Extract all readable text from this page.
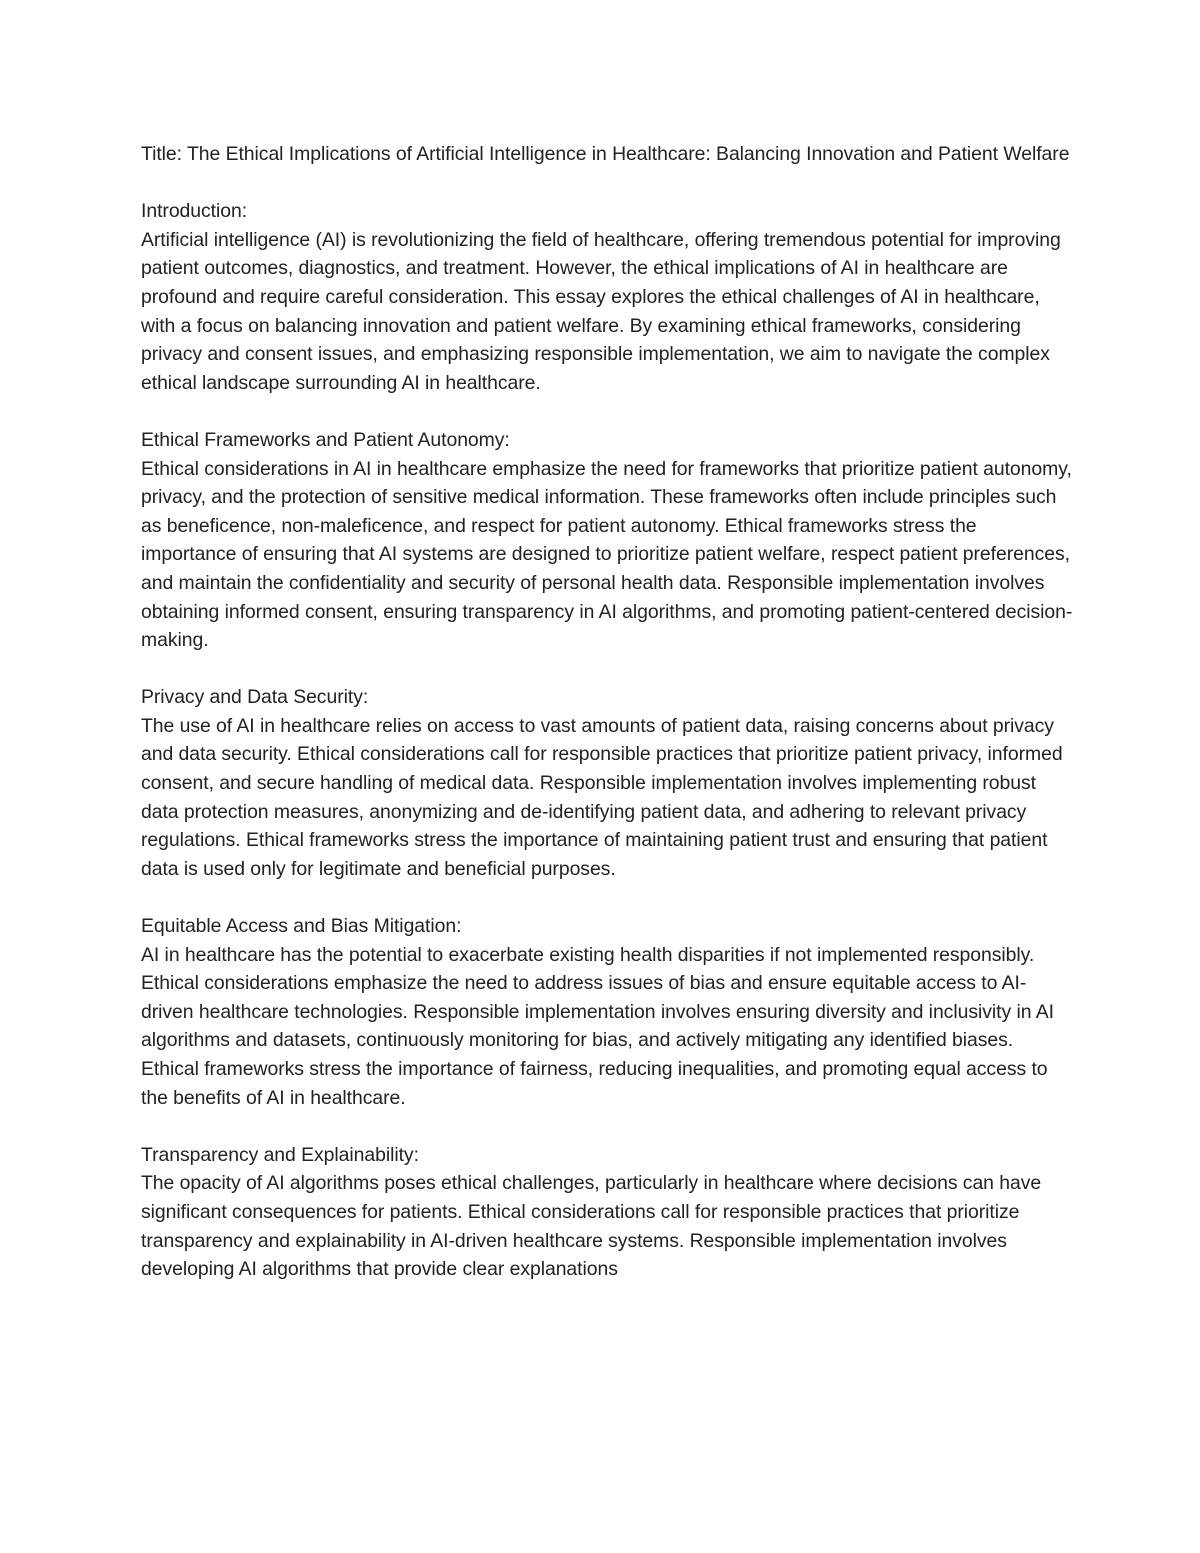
Title: The Ethical Implications of Artificial Intelligence in Healthcare: Balancing Innovation and Patient Welfare

Introduction:

Artificial intelligence (AI) is revolutionizing the field of healthcare, offering tremendous potential for improving patient outcomes, diagnostics, and treatment. However, the ethical implications of AI in healthcare are profound and require careful consideration. This essay explores the ethical challenges of AI in healthcare, with a focus on balancing innovation and patient welfare. By examining ethical frameworks, considering privacy and consent issues, and emphasizing responsible implementation, we aim to navigate the complex ethical landscape surrounding AI in healthcare.

Ethical Frameworks and Patient Autonomy:

Ethical considerations in AI in healthcare emphasize the need for frameworks that prioritize patient autonomy, privacy, and the protection of sensitive medical information. These frameworks often include principles such as beneficence, non-maleficence, and respect for patient autonomy. Ethical frameworks stress the importance of ensuring that AI systems are designed to prioritize patient welfare, respect patient preferences, and maintain the confidentiality and security of personal health data. Responsible implementation involves obtaining informed consent, ensuring transparency in AI algorithms, and promoting patient-centered decision-making.

Privacy and Data Security:

The use of AI in healthcare relies on access to vast amounts of patient data, raising concerns about privacy and data security. Ethical considerations call for responsible practices that prioritize patient privacy, informed consent, and secure handling of medical data. Responsible implementation involves implementing robust data protection measures, anonymizing and de-identifying patient data, and adhering to relevant privacy regulations. Ethical frameworks stress the importance of maintaining patient trust and ensuring that patient data is used only for legitimate and beneficial purposes.

Equitable Access and Bias Mitigation:

AI in healthcare has the potential to exacerbate existing health disparities if not implemented responsibly. Ethical considerations emphasize the need to address issues of bias and ensure equitable access to AI-driven healthcare technologies. Responsible implementation involves ensuring diversity and inclusivity in AI algorithms and datasets, continuously monitoring for bias, and actively mitigating any identified biases. Ethical frameworks stress the importance of fairness, reducing inequalities, and promoting equal access to the benefits of AI in healthcare.

Transparency and Explainability:

The opacity of AI algorithms poses ethical challenges, particularly in healthcare where decisions can have significant consequences for patients. Ethical considerations call for responsible practices that prioritize transparency and explainability in AI-driven healthcare systems. Responsible implementation involves developing AI algorithms that provide clear explanations
